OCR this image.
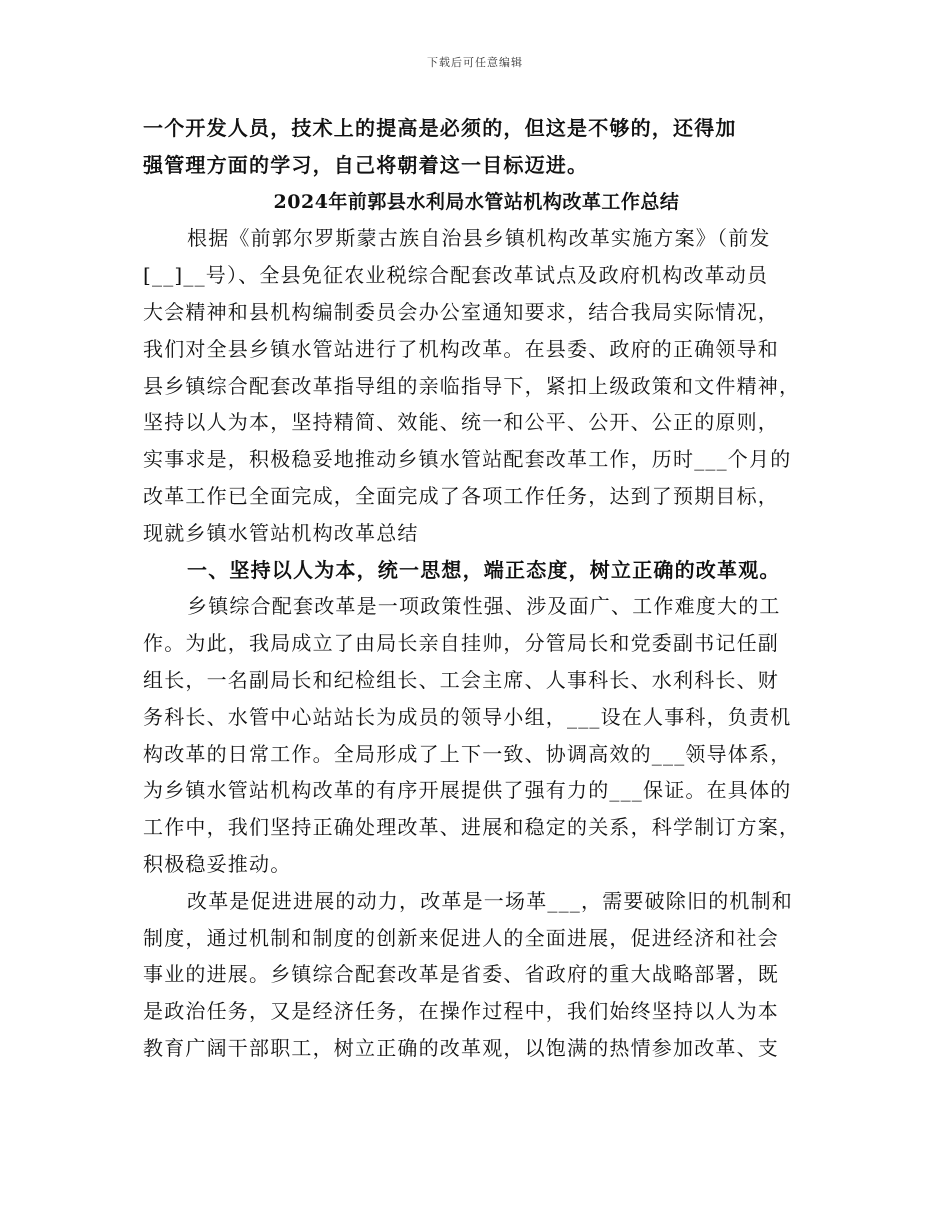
下载后可任意编辑
一个开发人员，技术上的提高是必须的，但这是不够的，还得加
强管理方面的学习，自己将朝着这一目标迈进。
2024年前郭县水利局水管站机构改革工作总结
根据《前郭尔罗斯蒙古族自治县乡镇机构改革实施方案》（前发
[__]__号）、全县免征农业税综合配套改革试点及政府机构改革动员
大会精神和县机构编制委员会办公室通知要求，结合我局实际情况，
我们对全县乡镇水管站进行了机构改革。在县委、政府的正确领导和
县乡镇综合配套改革指导组的亲临指导下，紧扣上级政策和文件精神，
坚持以人为本，坚持精简、效能、统一和公平、公开、公正的原则，
实事求是，积极稳妥地推动乡镇水管站配套改革工作，历时___个月的
改革工作已全面完成，全面完成了各项工作任务，达到了预期目标，
现就乡镇水管站机构改革总结
一、坚持以人为本，统一思想，端正态度，树立正确的改革观。
乡镇综合配套改革是一项政策性强、涉及面广、工作难度大的工
作。为此，我局成立了由局长亲自挂帅，分管局长和党委副书记任副
组长，一名副局长和纪检组长、工会主席、人事科长、水利科长、财
务科长、水管中心站站长为成员的领导小组，___设在人事科，负责机
构改革的日常工作。全局形成了上下一致、协调高效的___领导体系，
为乡镇水管站机构改革的有序开展提供了强有力的___保证。在具体的
工作中，我们坚持正确处理改革、进展和稳定的关系，科学制订方案，
积极稳妥推动。
改革是促进进展的动力，改革是一场革___，需要破除旧的机制和
制度，通过机制和制度的创新来促进人的全面进展，促进经济和社会
事业的进展。乡镇综合配套改革是省委、省政府的重大战略部署，既
是政治任务，又是经济任务，在操作过程中，我们始终坚持以人为本
教育广阔干部职工，树立正确的改革观，以饱满的热情参加改革、支
